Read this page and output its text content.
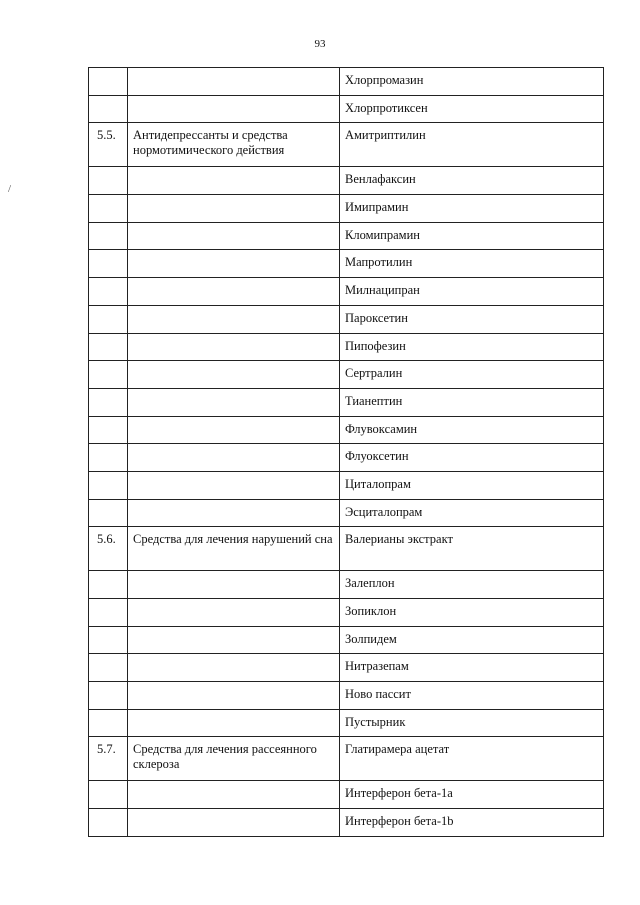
93
/
		Хлорпромазин
		Хлорпротиксен
5.5.	Антидепрессанты и средства нормотимического действия	Амитриптилин
		Венлафаксин
		Имипрамин
		Кломипрамин
		Мапротилин
		Милнаципран
		Пароксетин
		Пипофезин
		Сертралин
		Тианептин
		Флувоксамин
		Флуоксетин
		Циталопрам
		Эсциталопрам
5.6.	Средства для лечения нарушений сна	Валерианы экстракт
		Залеплон
		Зопиклон
		Золпидем
		Нитразепам
		Ново пассит
		Пустырник
5.7.	Средства для лечения рассеянного склероза	Глатирамера ацетат
		Интерферон бета-1a
		Интерферон бета-1b
